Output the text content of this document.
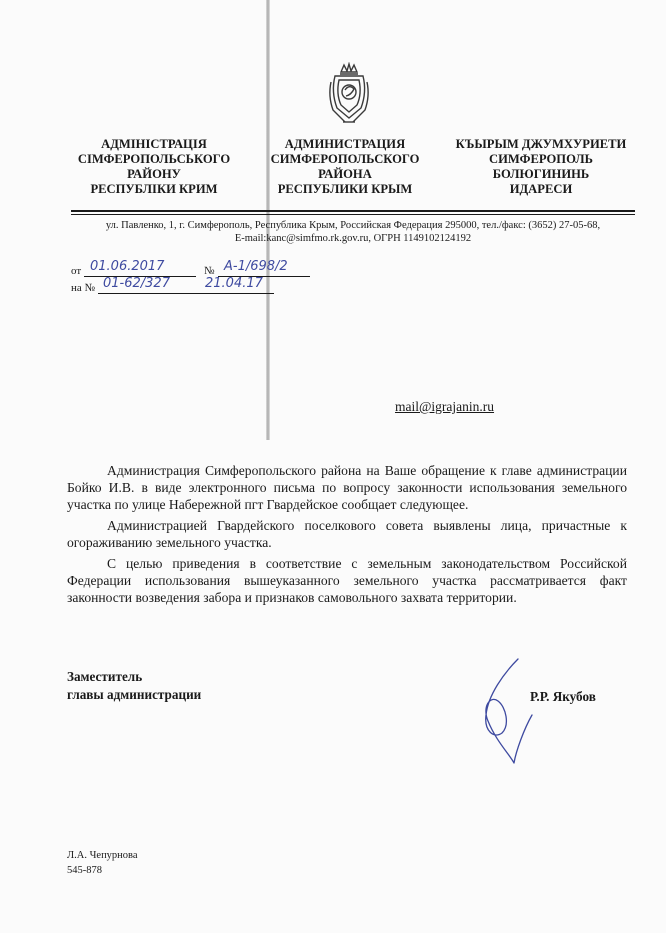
АДМІНІСТРАЦІЯ
СІМФЕРОПОЛЬСЬКОГО
РАЙОНУ
РЕСПУБЛІКИ КРИМ
АДМИНИСТРАЦИЯ
СИМФЕРОПОЛЬСКОГО
РАЙОНА
РЕСПУБЛИКИ КРЫМ
КЪЫРЫМ ДЖУМХУРИЕТИ
СИМФЕРОПОЛЬ
БОЛЮГИНИНЬ
ИДАРЕСИ
ул. Павленко, 1, г. Симферополь, Республика Крым, Российская Федерация 295000, тел./факс: (3652) 27-05-68,
E-mail:kanc@simfmo.rk.gov.ru, ОГРН 1149102124192
от 01.06.2017	№ А-1/698/2
на № 01-62/327	21.04.17
mail@igrajanin.ru

Администрация Симферопольского района на Ваше обращение к главе администрации Бойко И.В. в виде электронного письма по вопросу законности использования земельного участка по улице Набережной пгт Гвардейское сообщает следующее.

Администрацией Гвардейского поселкового совета выявлены лица, причастные к огораживанию земельного участка.

С целью приведения в соответствие с земельным законодательством Российской Федерации использования вышеуказанного земельного участка рассматривается факт законности возведения забора и признаков самовольного захвата территории.

Заместитель
главы администрации	Р.Р. Якубов
Л.А. Чепурнова
545-878
